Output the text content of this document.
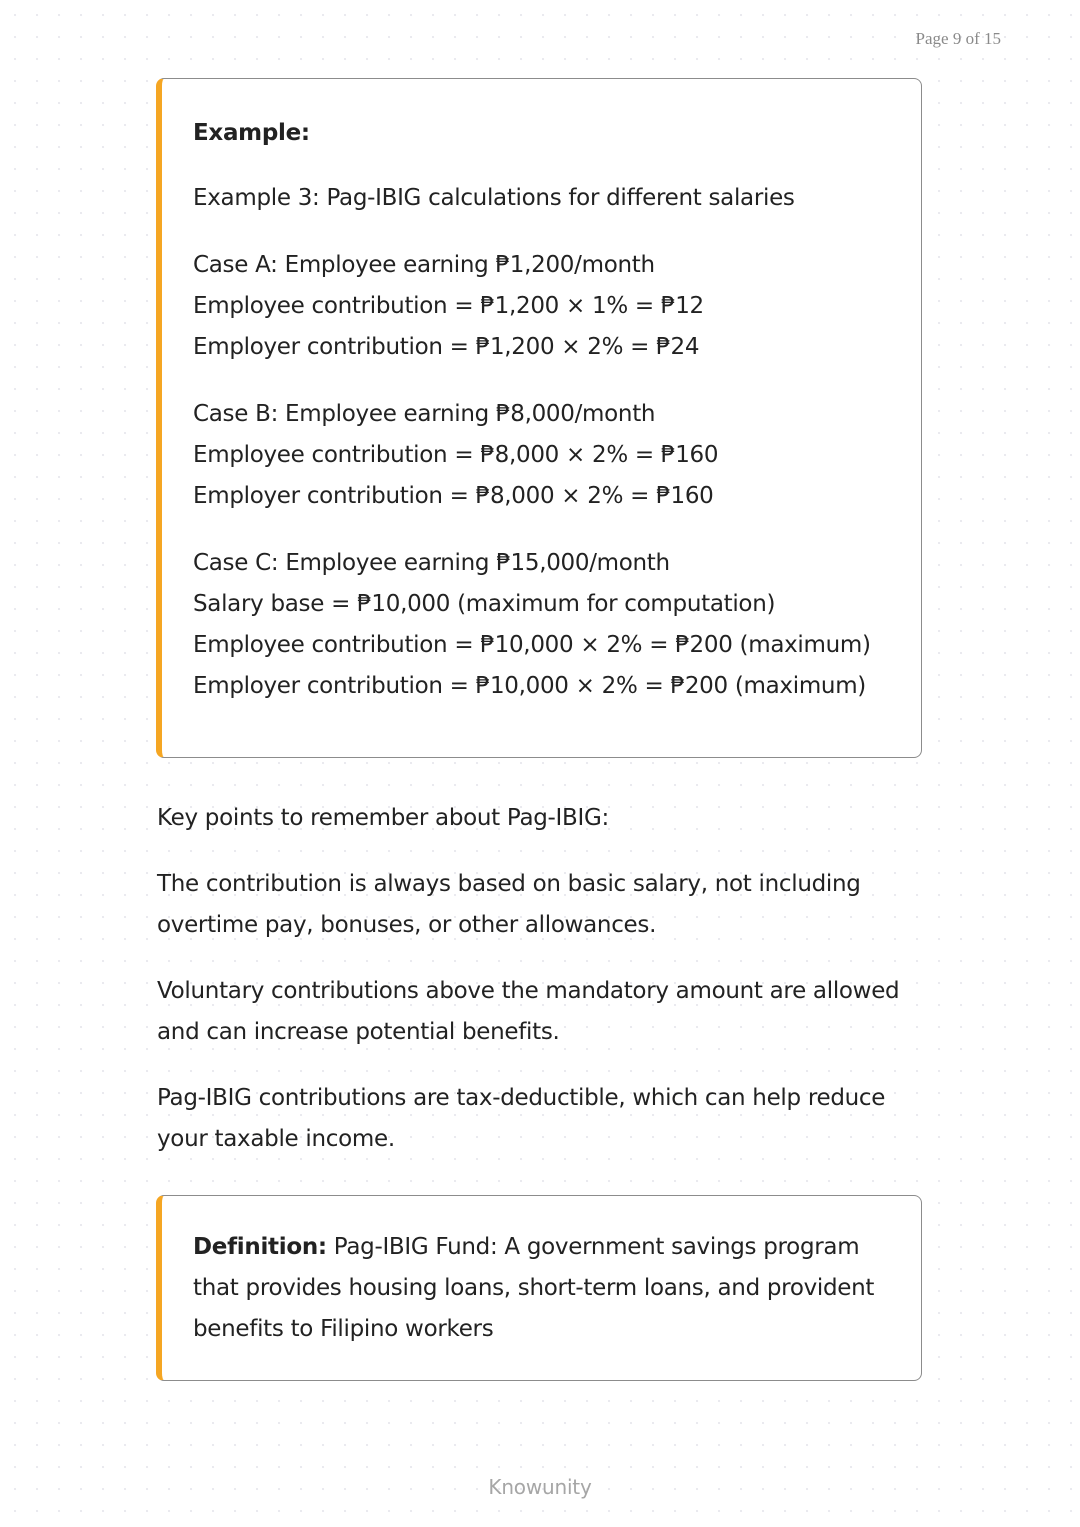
Page 9 of 15
Example:
Example 3: Pag-IBIG calculations for different salaries
Case A: Employee earning ₱1,200/month
Employee contribution = ₱1,200 × 1% = ₱12
Employer contribution = ₱1,200 × 2% = ₱24
Case B: Employee earning ₱8,000/month
Employee contribution = ₱8,000 × 2% = ₱160
Employer contribution = ₱8,000 × 2% = ₱160
Case C: Employee earning ₱15,000/month
Salary base = ₱10,000 (maximum for computation)
Employee contribution = ₱10,000 × 2% = ₱200 (maximum)
Employer contribution = ₱10,000 × 2% = ₱200 (maximum)

Key points to remember about Pag-IBIG:

The contribution is always based on basic salary, not including overtime pay, bonuses, or other allowances.

Voluntary contributions above the mandatory amount are allowed and can increase potential benefits.

Pag-IBIG contributions are tax-deductible, which can help reduce your taxable income.

Definition: Pag-IBIG Fund: A government savings program that provides housing loans, short-term loans, and provident benefits to Filipino workers
Knowunity
